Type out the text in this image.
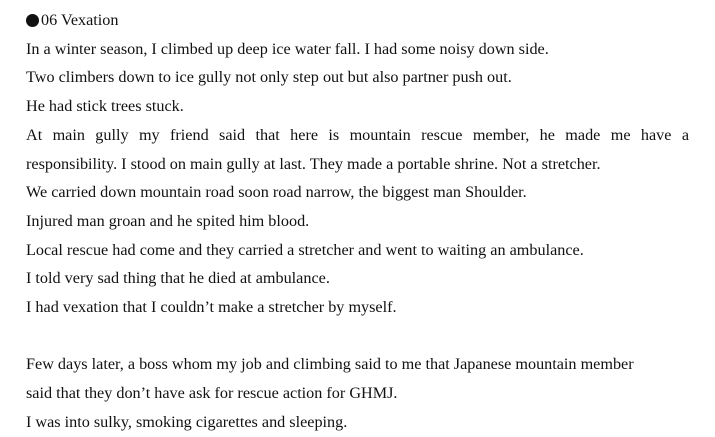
06 Vexation
In a winter season, I climbed up deep ice water fall. I had some noisy down side.
Two climbers down to ice gully not only step out but also partner push out.
He had stick trees stuck.
At main gully my friend said that here is mountain rescue member, he made me have a
responsibility. I stood on main gully at last. They made a portable shrine. Not a stretcher.
We carried down mountain road soon road narrow, the biggest man Shoulder.
Injured man groan and he spited him blood.
Local rescue had come and they carried a stretcher and went to waiting an ambulance.
I told very sad thing that he died at ambulance.
I had vexation that I couldn’t make a stretcher by myself.
Few days later, a boss whom my job and climbing said to me that Japanese mountain member
said that they don’t have ask for rescue action for GHMJ.
I was into sulky, smoking cigarettes and sleeping.
